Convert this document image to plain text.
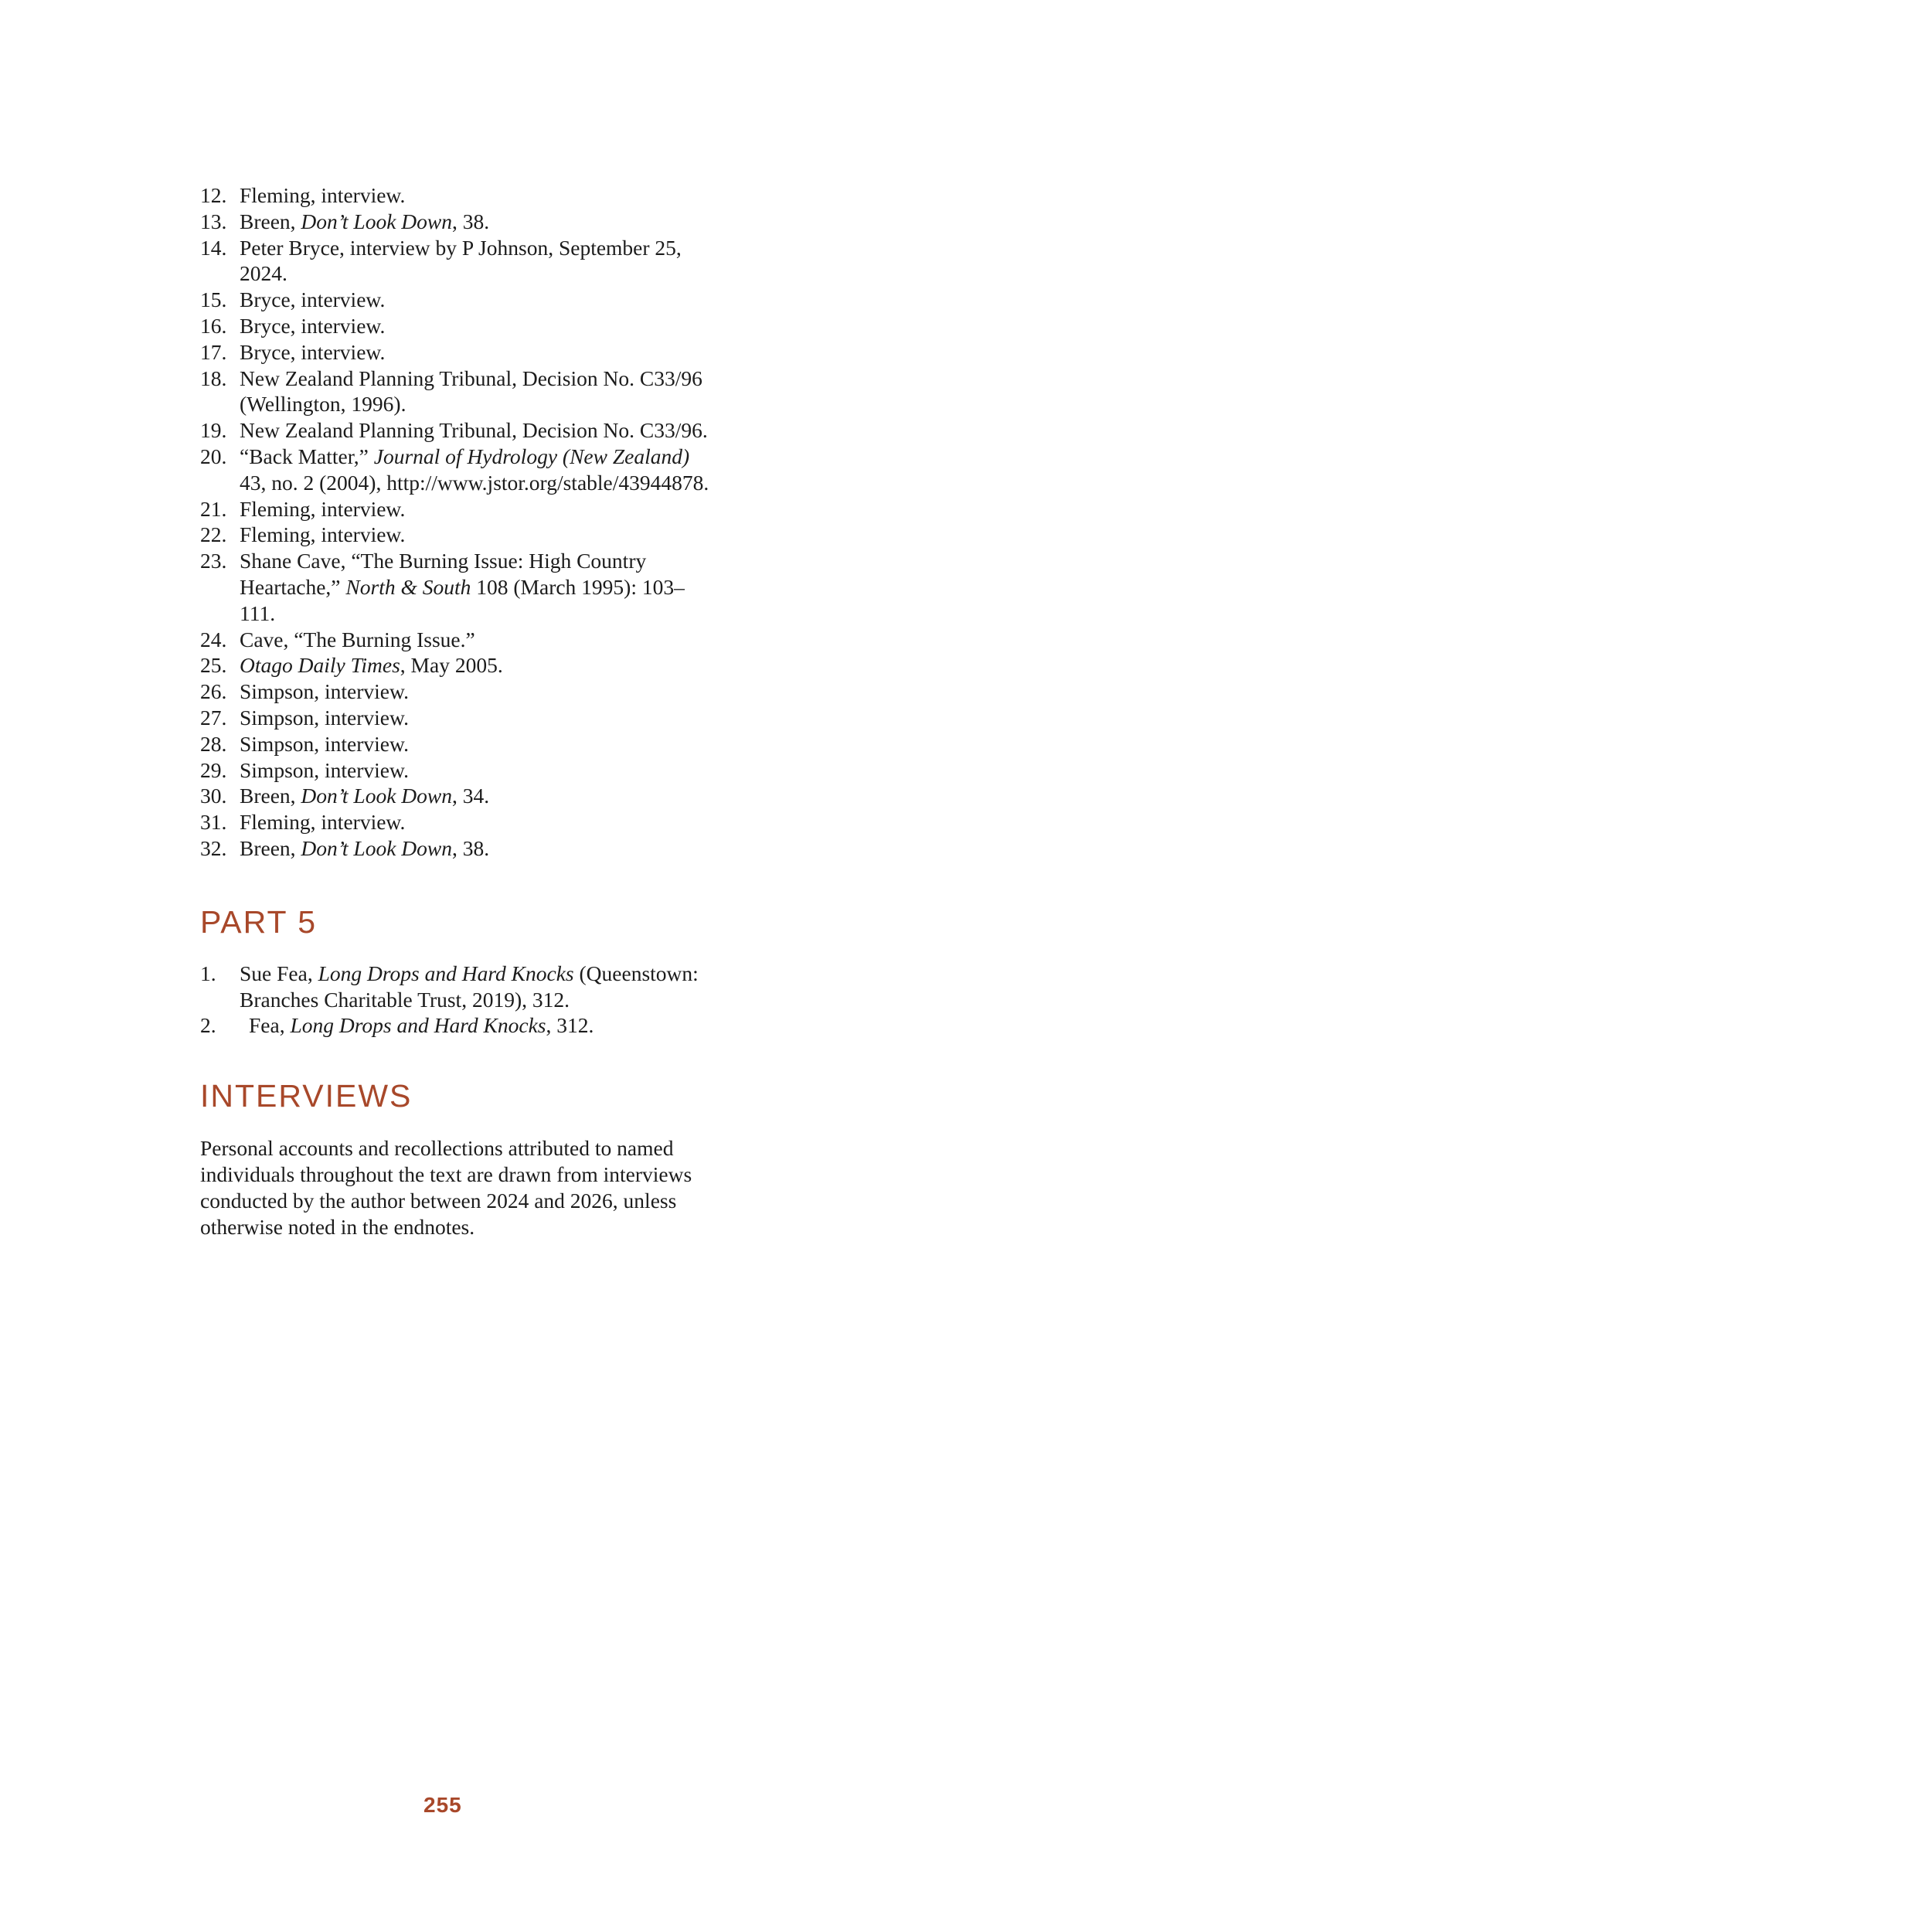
12. Fleming, interview.
13. Breen, Don’t Look Down, 38.
14. Peter Bryce, interview by P Johnson, September 25, 2024.
15. Bryce, interview.
16. Bryce, interview.
17. Bryce, interview.
18. New Zealand Planning Tribunal, Decision No. C33/96 (Wellington, 1996).
19. New Zealand Planning Tribunal, Decision No. C33/96.
20. “Back Matter,” Journal of Hydrology (New Zealand) 43, no. 2 (2004), http://www.jstor.org/stable/43944878.
21. Fleming, interview.
22. Fleming, interview.
23. Shane Cave, “The Burning Issue: High Country Heartache,” North & South 108 (March 1995): 103–111.
24. Cave, “The Burning Issue.”
25. Otago Daily Times, May 2005.
26. Simpson, interview.
27. Simpson, interview.
28. Simpson, interview.
29. Simpson, interview.
30. Breen, Don’t Look Down, 34.
31. Fleming, interview.
32. Breen, Don’t Look Down, 38.
PART 5
1. Sue Fea, Long Drops and Hard Knocks (Queenstown: Branches Charitable Trust, 2019), 312.
2. Fea, Long Drops and Hard Knocks, 312.
INTERVIEWS

Personal accounts and recollections attributed to named individuals throughout the text are drawn from interviews conducted by the author between 2024 and 2026, unless otherwise noted in the endnotes.

255
